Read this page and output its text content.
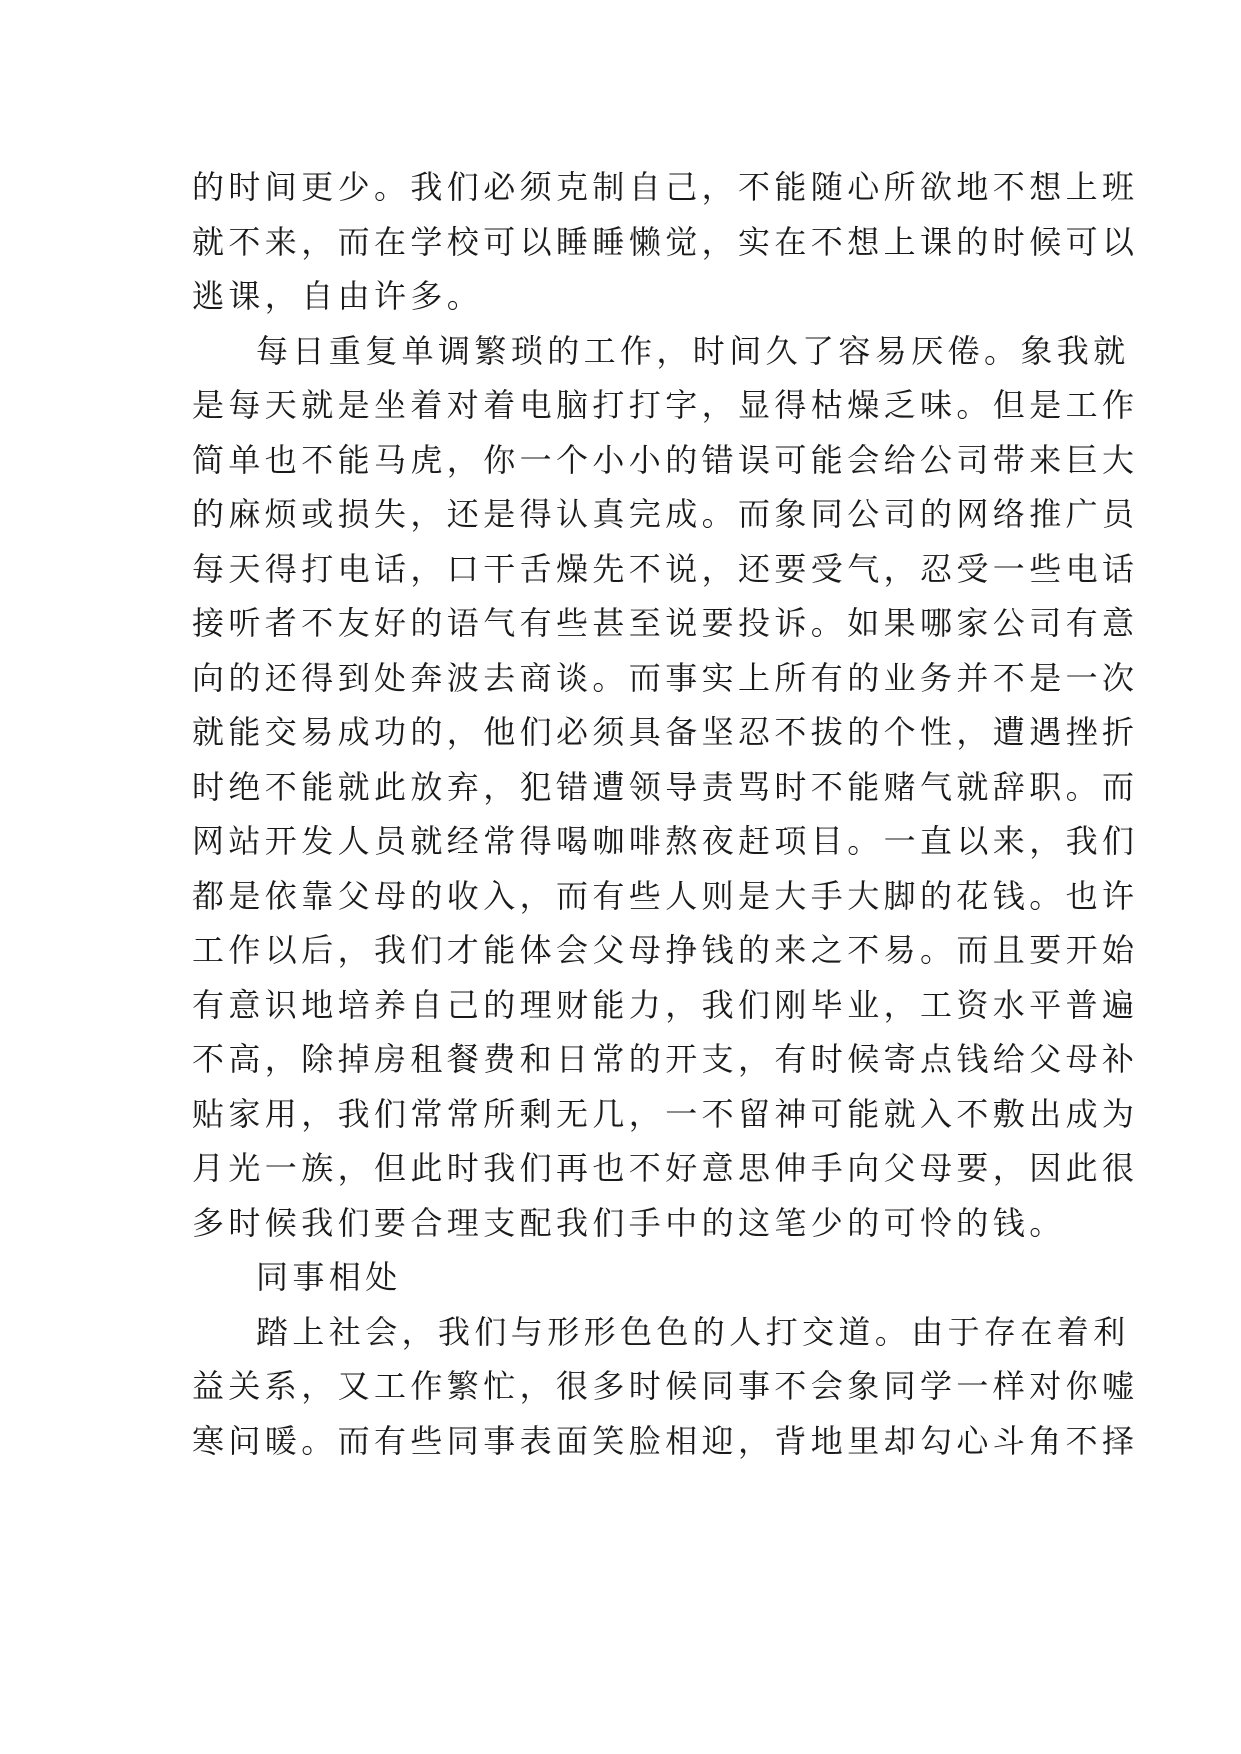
的时间更少。我们必须克制自己，不能随心所欲地不想上班
就不来，而在学校可以睡睡懒觉，实在不想上课的时候可以
逃课，自由许多。
每日重复单调繁琐的工作，时间久了容易厌倦。象我就
是每天就是坐着对着电脑打打字，显得枯燥乏味。但是工作
简单也不能马虎，你一个小小的错误可能会给公司带来巨大
的麻烦或损失，还是得认真完成。而象同公司的网络推广员
每天得打电话，口干舌燥先不说，还要受气，忍受一些电话
接听者不友好的语气有些甚至说要投诉。如果哪家公司有意
向的还得到处奔波去商谈。而事实上所有的业务并不是一次
就能交易成功的，他们必须具备坚忍不拔的个性，遭遇挫折
时绝不能就此放弃，犯错遭领导责骂时不能赌气就辞职。而
网站开发人员就经常得喝咖啡熬夜赶项目。一直以来，我们
都是依靠父母的收入，而有些人则是大手大脚的花钱。也许
工作以后，我们才能体会父母挣钱的来之不易。而且要开始
有意识地培养自己的理财能力，我们刚毕业，工资水平普遍
不高，除掉房租餐费和日常的开支，有时候寄点钱给父母补
贴家用，我们常常所剩无几，一不留神可能就入不敷出成为
月光一族，但此时我们再也不好意思伸手向父母要，因此很
多时候我们要合理支配我们手中的这笔少的可怜的钱。
同事相处
踏上社会，我们与形形色色的人打交道。由于存在着利
益关系，又工作繁忙，很多时候同事不会象同学一样对你嘘
寒问暖。而有些同事表面笑脸相迎，背地里却勾心斗角不择
